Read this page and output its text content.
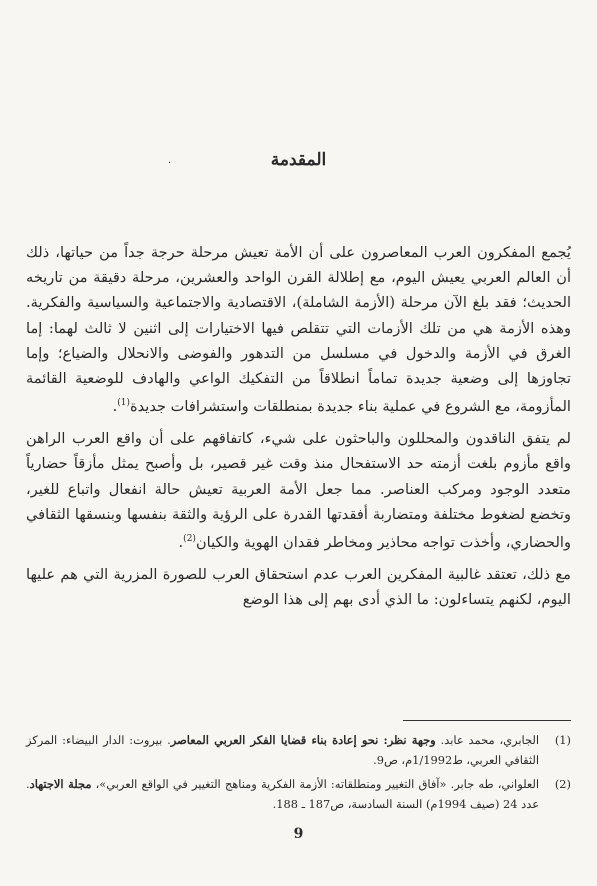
المقدمة
·

يُجمع المفكرون العرب المعاصرون على أن الأمة تعيش مرحلة حرجة جداً من حياتها، ذلك أن العالم العربي يعيش اليوم، مع إطلالة القرن الواحد والعشرين، مرحلة دقيقة من تاريخه الحديث؛ فقد بلغ الآن مرحلة (الأزمة الشاملة)، الاقتصادية والاجتماعية والسياسية والفكرية. وهذه الأزمة هي من تلك الأزمات التي تتقلص فيها الاختيارات إلى اثنين لا ثالث لهما: إما الغرق في الأزمة والدخول في مسلسل من التدهور والفوضى والانحلال والضياع؛ وإما تجاوزها إلى وضعية جديدة تماماً انطلاقاً من التفكيك الواعي والهادف للوضعية القائمة المأزومة، مع الشروع في عملية بناء جديدة بمنطلقات واستشرافات جديدة$^{(1)}$.

لم يتفق الناقدون والمحللون والباحثون على شيء، كاتفاقهم على أن واقع العرب الراهن واقع مأزوم بلغت أزمته حد الاستفحال منذ وقت غير قصير، بل وأصبح يمثل مأزقاً حضارياً متعدد الوجود ومركب العناصر. مما جعل الأمة العربية تعيش حالة انفعال واتباع للغير، وتخضع لضغوط مختلفة ومتضاربة أفقدتها القدرة على الرؤية والثقة بنفسها وبنسقها الثقافي والحضاري، وأخذت تواجه محاذير ومخاطر فقدان الهوية والكيان$^{(2)}$.

مع ذلك، تعتقد غالبية المفكرين العرب عدم استحقاق العرب للصورة المزرية التي هم عليها اليوم، لكنهم يتساءلون: ما الذي أدى بهم إلى هذا الوضع

(1)
الجابري، محمد عابد. وجهة نظر: نحو إعادة بناء قضايا الفكر العربي المعاصر. بيروت: الدار البيضاء: المركز الثقافي العربي، ط1/1992م، ص9.
(2)
العلواني، طه جابر. «آفاق التغيير ومنطلقاته: الأزمة الفكرية ومناهج التغيير في الواقع العربي»، مجلة الاجتهاد. عدد 24 (صيف 1994م) السنة السادسة، ص187 ـ 188.
9
